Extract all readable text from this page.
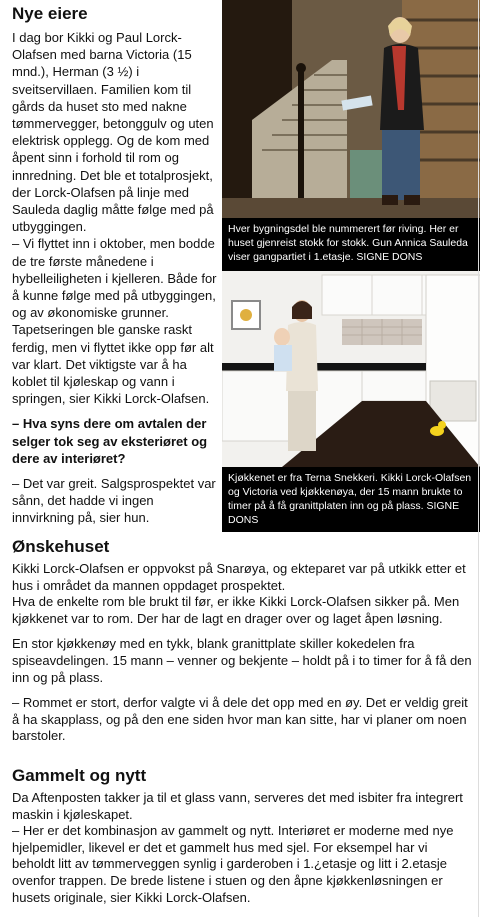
Nye eiere

I dag bor Kikki og Paul Lorck-Olafsen med barna Victoria (15 mnd.), Herman (3 ½) i sveitservillaen. Familien kom til gårds da huset sto med nakne tømmervegger, betonggulv og uten elektrisk opplegg. Og de kom med åpent sinn i forhold til rom og innredning. Det ble et totalprosjekt, der Lorck-Olafsen på linje med Sauleda daglig måtte følge med på utbyggingen.

– Vi flyttet inn i oktober, men bodde de tre første månedene i hybelleiligheten i kjelleren. Både for å kunne følge med på utbyggingen, og av økonomiske grunner. Tapetseringen ble ganske raskt ferdig, men vi flyttet ikke opp før alt var klart. Det viktigste var å ha koblet til kjøleskap og vann i springen, sier Kikki Lorck-Olafsen.

– Hva syns dere om avtalen der selger tok seg av eksteriøret og dere av interiøret?

– Det var greit. Salgsprospektet var sånn, det hadde vi ingen innvirkning på, sier hun.

Hver bygningsdel ble nummerert før riving. Her er huset gjenreist stokk for stokk. Gun Annica Sauleda viser gangpartiet i 1.etasje. SIGNE DONS
Kjøkkenet er fra Terna Snekkeri. Kikki Lorck-Olafsen og Victoria ved kjøkkenøya, der 15 mann brukte to timer på å få granittplaten inn og på plass. SIGNE DONS
Ønskehuset

Kikki Lorck-Olafsen er oppvokst på Snarøya, og ekteparet var på utkikk etter et hus i området da mannen oppdaget prospektet.
Hva de enkelte rom ble brukt til før, er ikke Kikki Lorck-Olafsen sikker på. Men kjøkkenet var to rom. Der har de lagt en drager over og laget åpen løsning.

En stor kjøkkenøy med en tykk, blank granittplate skiller kokedelen fra spiseavdelingen. 15 mann – venner og bekjente – holdt på i to timer for å få den inn og på plass.

– Rommet er stort, derfor valgte vi å dele det opp med en øy. Det er veldig greit å ha skapplass, og på den ene siden hvor man kan sitte, har vi planer om noen barstoler.

Gammelt og nytt

Da Aftenposten takker ja til et glass vann, serveres det med isbiter fra integrert maskin i kjøleskapet.
– Her er det kombinasjon av gammelt og nytt. Interiøret er moderne med nye hjelpemidler, likevel er det et gammelt hus med sjel. For eksempel har vi beholdt litt av tømmerveggen synlig i garderoben i 1.¿etasje og litt i 2.etasje ovenfor trappen. De brede listene i stuen og den åpne kjøkkenløsningen er husets originale, sier Kikki Lorck-Olafsen.
